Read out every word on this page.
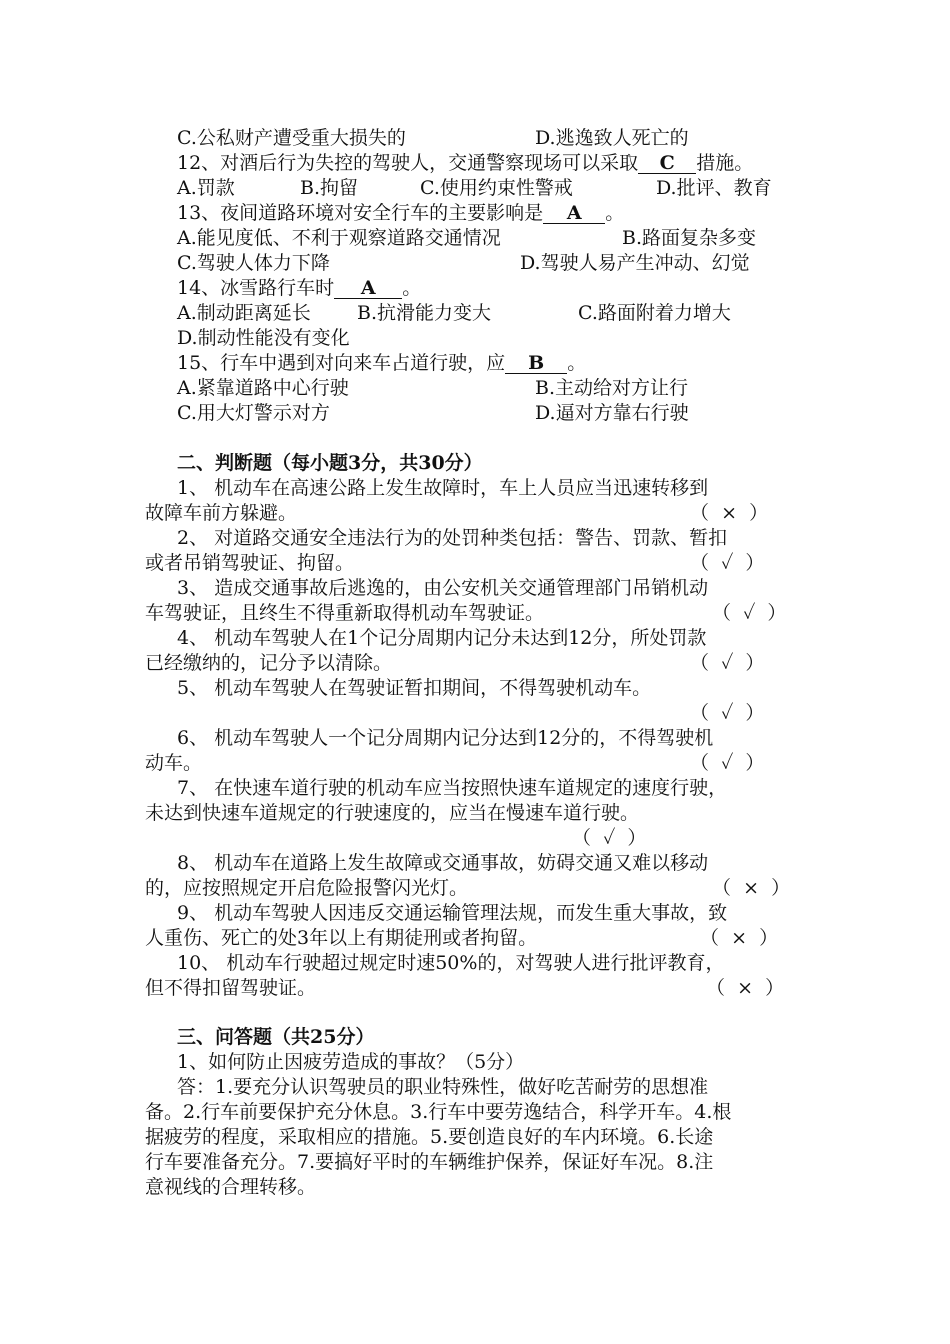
C.公私财产遭受重大损失的	D.逃逸致人死亡的
12、对酒后行为失控的驾驶人，交通警察现场可以采取 C 措施。
A.罚款	B.拘留	C.使用约束性警戒	D.批评、教育
13、夜间道路环境对安全行车的主要影响是 A 。
A.能见度低、不利于观察道路交通情况	B.路面复杂多变
C.驾驶人体力下降	D.驾驶人易产生冲动、幻觉
14、冰雪路行车时 A 。
A.制动距离延长 B.抗滑能力变大	C.路面附着力增大
D.制动性能没有变化
15、行车中遇到对向来车占道行驶，应 B 。
A.紧靠道路中心行驶	B.主动给对方让行
C.用大灯警示对方	D.逼对方靠右行驶
二、判断题（每小题3分，共30分）
1、 机动车在高速公路上发生故障时，车上人员应当迅速转移到
故障车前方躲避。	（  ×  ）
2、 对道路交通安全违法行为的处罚种类包括：警告、罚款、暂扣
或者吊销驾驶证、拘留。	（  ✓  ）
3、 造成交通事故后逃逸的，由公安机关交通管理部门吊销机动
车驾驶证，且终生不得重新取得机动车驾驶证。	（  ✓  ）
4、 机动车驾驶人在1个记分周期内记分未达到12分，所处罚款
已经缴纳的，记分予以清除。	（  ✓  ）
5、 机动车驾驶人在驾驶证暂扣期间，不得驾驶机动车。
（  ✓  ）
6、 机动车驾驶人一个记分周期内记分达到12分的，不得驾驶机
动车。	（  ✓  ）
7、 在快速车道行驶的机动车应当按照快速车道规定的速度行驶，
未达到快速车道规定的行驶速度的，应当在慢速车道行驶。
（  ✓  ）
8、 机动车在道路上发生故障或交通事故，妨碍交通又难以移动
的，应按照规定开启危险报警闪光灯。	（  ×  ）
9、 机动车驾驶人因违反交通运输管理法规，而发生重大事故，致
人重伤、死亡的处3年以上有期徒刑或者拘留。	（  ×  ）
10、 机动车行驶超过规定时速50%的，对驾驶人进行批评教育，
但不得扣留驾驶证。	（  ×  ）
三、问答题（共25分）
1、如何防止因疲劳造成的事故？（5分）
答：1.要充分认识驾驶员的职业特殊性，做好吃苦耐劳的思想准
备。2.行车前要保护充分休息。3.行车中要劳逸结合，科学开车。4.根
据疲劳的程度，采取相应的措施。5.要创造良好的车内环境。6.长途
行车要准备充分。7.要搞好平时的车辆维护保养，保证好车况。8.注
意视线的合理转移。
